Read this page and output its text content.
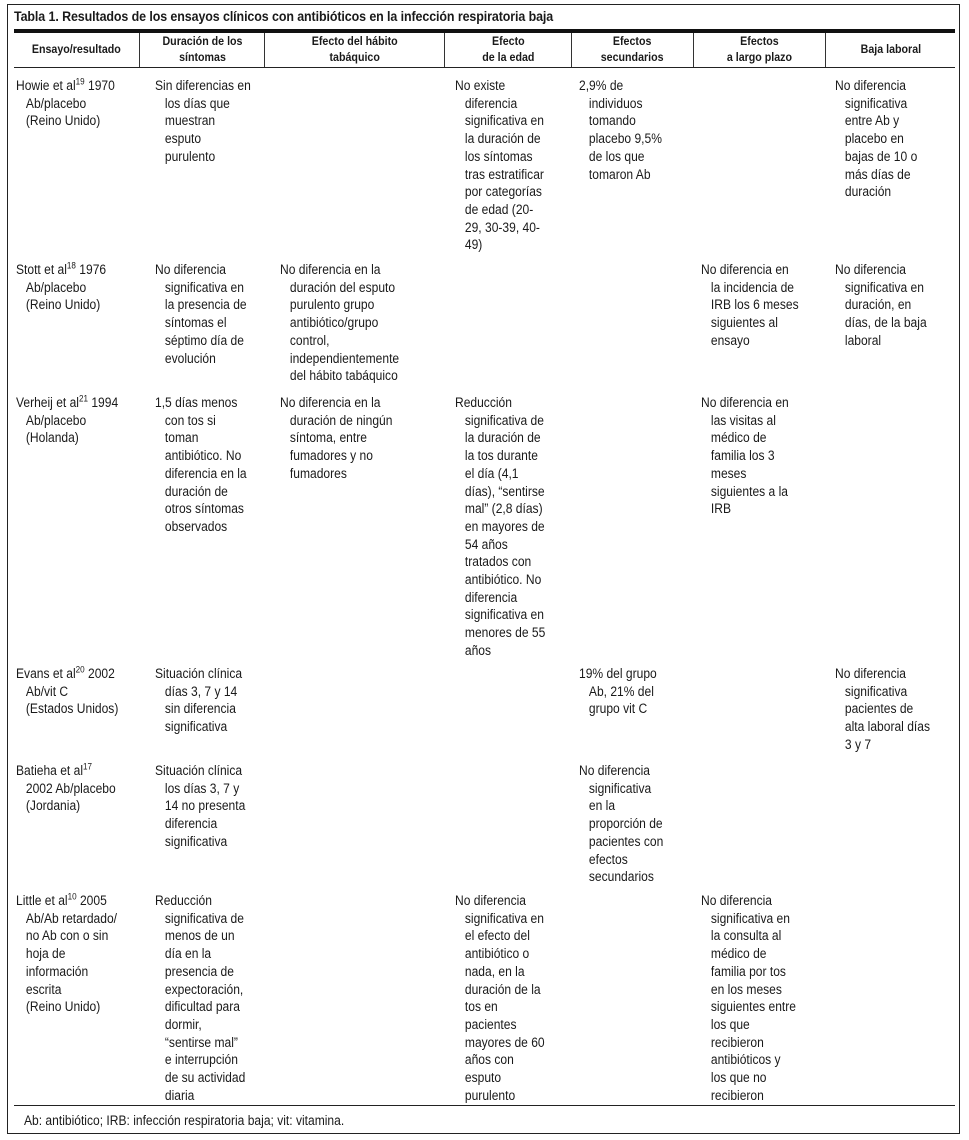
Tabla 1. Resultados de los ensayos clínicos con antibióticos en la infección respiratoria baja
Ensayo/resultado
Duración de los
síntomas
Efecto del hábito
tabáquico
Efecto
de la edad
Efectos
secundarios
Efectos
a largo plazo
Baja laboral
Howie et $al^{19}$ 1970
Ab/placebo
(Reino Unido)
Sin diferencias en
los días que
muestran
esputo
purulento
No existe
diferencia
significativa en
la duración de
los síntomas
tras estratificar
por categorías
de edad (20-
29, 30-39, 40-
49)
2,9% de
individuos
tomando
placebo 9,5%
de los que
tomaron Ab
No diferencia
significativa
entre Ab y
placebo en
bajas de 10 o
más días de
duración
Stott et $al^{18}$ 1976
Ab/placebo
(Reino Unido)
No diferencia
significativa en
la presencia de
síntomas el
séptimo día de
evolución
No diferencia en la
duración del esputo
purulento grupo
antibiótico/grupo
control,
independientemente
del hábito tabáquico
No diferencia en
la incidencia de
IRB los 6 meses
siguientes al
ensayo
No diferencia
significativa en
duración, en
días, de la baja
laboral
Verheij et $al^{21}$ 1994
Ab/placebo
(Holanda)
1,5 días menos
con tos si
toman
antibiótico. No
diferencia en la
duración de
otros síntomas
observados
No diferencia en la
duración de ningún
síntoma, entre
fumadores y no
fumadores
Reducción
significativa de
la duración de
la tos durante
el día (4,1
días), “sentirse
mal” (2,8 días)
en mayores de
54 años
tratados con
antibiótico. No
diferencia
significativa en
menores de 55
años
No diferencia en
las visitas al
médico de
familia los 3
meses
siguientes a la
IRB
Evans et $al^{20}$ 2002
Ab/vit C
(Estados Unidos)
Situación clínica
días 3, 7 y 14
sin diferencia
significativa
19% del grupo
Ab, 21% del
grupo vit C
No diferencia
significativa
pacientes de
alta laboral días
3 y 7
Batieha et $al^{17}$
2002 Ab/placebo
(Jordania)
Situación clínica
los días 3, 7 y
14 no presenta
diferencia
significativa
No diferencia
significativa
en la
proporción de
pacientes con
efectos
secundarios
Little et $al^{10}$ 2005
Ab/Ab retardado/
no Ab con o sin
hoja de
información
escrita
(Reino Unido)
Reducción
significativa de
menos de un
día en la
presencia de
expectoración,
dificultad para
dormir,
“sentirse mal”
e interrupción
de su actividad
diaria
No diferencia
significativa en
el efecto del
antibiótico o
nada, en la
duración de la
tos en
pacientes
mayores de 60
años con
esputo
purulento
No diferencia
significativa en
la consulta al
médico de
familia por tos
en los meses
siguientes entre
los que
recibieron
antibióticos y
los que no
recibieron
Ab: antibiótico; IRB: infección respiratoria baja; vit: vitamina.
